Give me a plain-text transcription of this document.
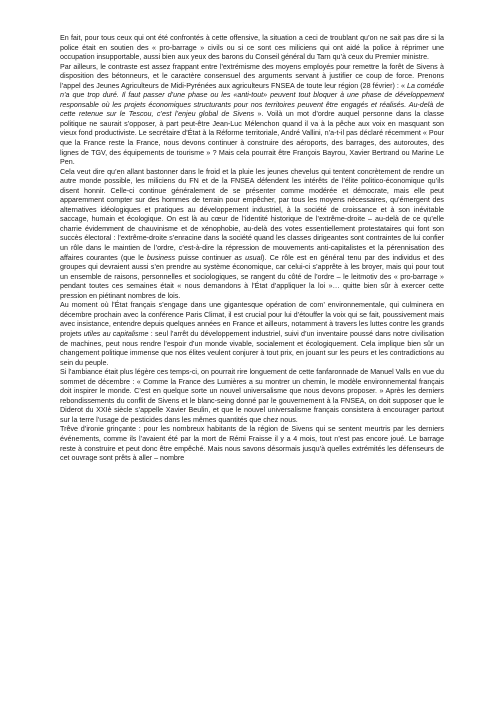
En fait, pour tous ceux qui ont été confrontés à cette offensive, la situation a ceci de troublant qu’on ne sait pas dire si la police était en soutien des « pro-barrage » civils ou si ce sont ces miliciens qui ont aidé la police à réprimer une occupation insupportable, aussi bien aux yeux des barons du Conseil général du Tarn qu’à ceux du Premier ministre.

Par ailleurs, le contraste est assez frappant entre l’extrémisme des moyens employés pour remettre la forêt de Sivens à disposition des bétonneurs, et le caractère consensuel des arguments servant à justifier ce coup de force. Prenons l’appel des Jeunes Agriculteurs de Midi-Pyrénées aux agriculteurs FNSEA de toute leur région (28 février) : « La comédie n’a que trop duré. Il faut passer d’une phase ou les «anti-tout» peuvent tout bloquer à une phase de développement responsable où les projets économiques structurants pour nos territoires peuvent être engagés et réalisés. Au-delà de cette retenue sur le Tescou, c’est l’enjeu global de Sivens ». Voilà un mot d’ordre auquel personne dans la classe politique ne saurait s’opposer, à part peut-être Jean-Luc Mélenchon quand il va à la pêche aux voix en masquant son vieux fond productiviste. Le secrétaire d’État à la Réforme territoriale, André Vallini, n’a-t-il pas déclaré récemment « Pour que la France reste la France, nous devons continuer à construire des aéroports, des barrages, des autoroutes, des lignes de TGV, des équipements de tourisme » ? Mais cela pourrait être François Bayrou, Xavier Bertrand ou Marine Le Pen.

Cela veut dire qu’en allant bastonner dans le froid et la pluie les jeunes chevelus qui tentent concrètement de rendre un autre monde possible, les miliciens du FN et de la FNSEA défendent les intérêts de l’élite politico-économique qu’ils disent honnir. Celle-ci continue généralement de se présenter comme modérée et démocrate, mais elle peut apparemment compter sur des hommes de terrain pour empêcher, par tous les moyens nécessaires, qu’émergent des alternatives idéologiques et pratiques au développement industriel, à la société de croissance et à son inévitable saccage, humain et écologique. On est là au cœur de l’identité historique de l’extrême-droite – au-delà de ce qu’elle charrie évidemment de chauvinisme et de xénophobie, au-delà des votes essentiellement protestataires qui font son succès électoral : l’extrême-droite s’enracine dans la société quand les classes dirigeantes sont contraintes de lui confier un rôle dans le maintien de l’ordre, c’est-à-dire la répression de mouvements anti-capitalistes et la pérennisation des affaires courantes (que le business puisse continuer as usual). Ce rôle est en général tenu par des individus et des groupes qui devraient aussi s’en prendre au système économique, car celui-ci s’apprête à les broyer, mais qui pour tout un ensemble de raisons, personnelles et sociologiques, se rangent du côté de l’ordre – le leitmotiv des « pro-barrage » pendant toutes ces semaines était « nous demandons à l’État d’appliquer la loi »… quitte bien sûr à exercer cette pression en piétinant nombres de lois.

Au moment où l’État français s’engage dans une gigantesque opération de com’ environnementale, qui culminera en décembre prochain avec la conférence Paris Climat, il est crucial pour lui d’étouffer la voix qui se fait, poussivement mais avec insistance, entendre depuis quelques années en France et ailleurs, notamment à travers les luttes contre les grands projets utiles au capitalisme : seul l’arrêt du développement industriel, suivi d’un inventaire poussé dans notre civilisation de machines, peut nous rendre l’espoir d’un monde vivable, socialement et écologiquement. Cela implique bien sûr un changement politique immense que nos élites veulent conjurer à tout prix, en jouant sur les peurs et les contradictions au sein du peuple.

Si l’ambiance était plus légère ces temps-ci, on pourrait rire longuement de cette fanfaronnade de Manuel Valls en vue du sommet de décembre : « Comme la France des Lumières a su montrer un chemin, le modèle environnemental français doit inspirer le monde. C’est en quelque sorte un nouvel universalisme que nous devons proposer. » Après les derniers rebondissements du conflit de Sivens et le blanc-seing donné par le gouvernement à la FNSEA, on doit supposer que le Diderot du XXIè siècle s’appelle Xavier Beulin, et que le nouvel universalisme français consistera à encourager partout sur la terre l’usage de pesticides dans les mêmes quantités que chez nous.

Trêve d’ironie grinçante : pour les nombreux habitants de la région de Sivens qui se sentent meurtris par les derniers événements, comme ils l’avaient été par la mort de Rémi Fraisse il y a 4 mois, tout n’est pas encore joué. Le barrage reste à construire et peut donc être empêché. Mais nous savons désormais jusqu’à quelles extrémités les défenseurs de cet ouvrage sont prêts à aller – nombre
